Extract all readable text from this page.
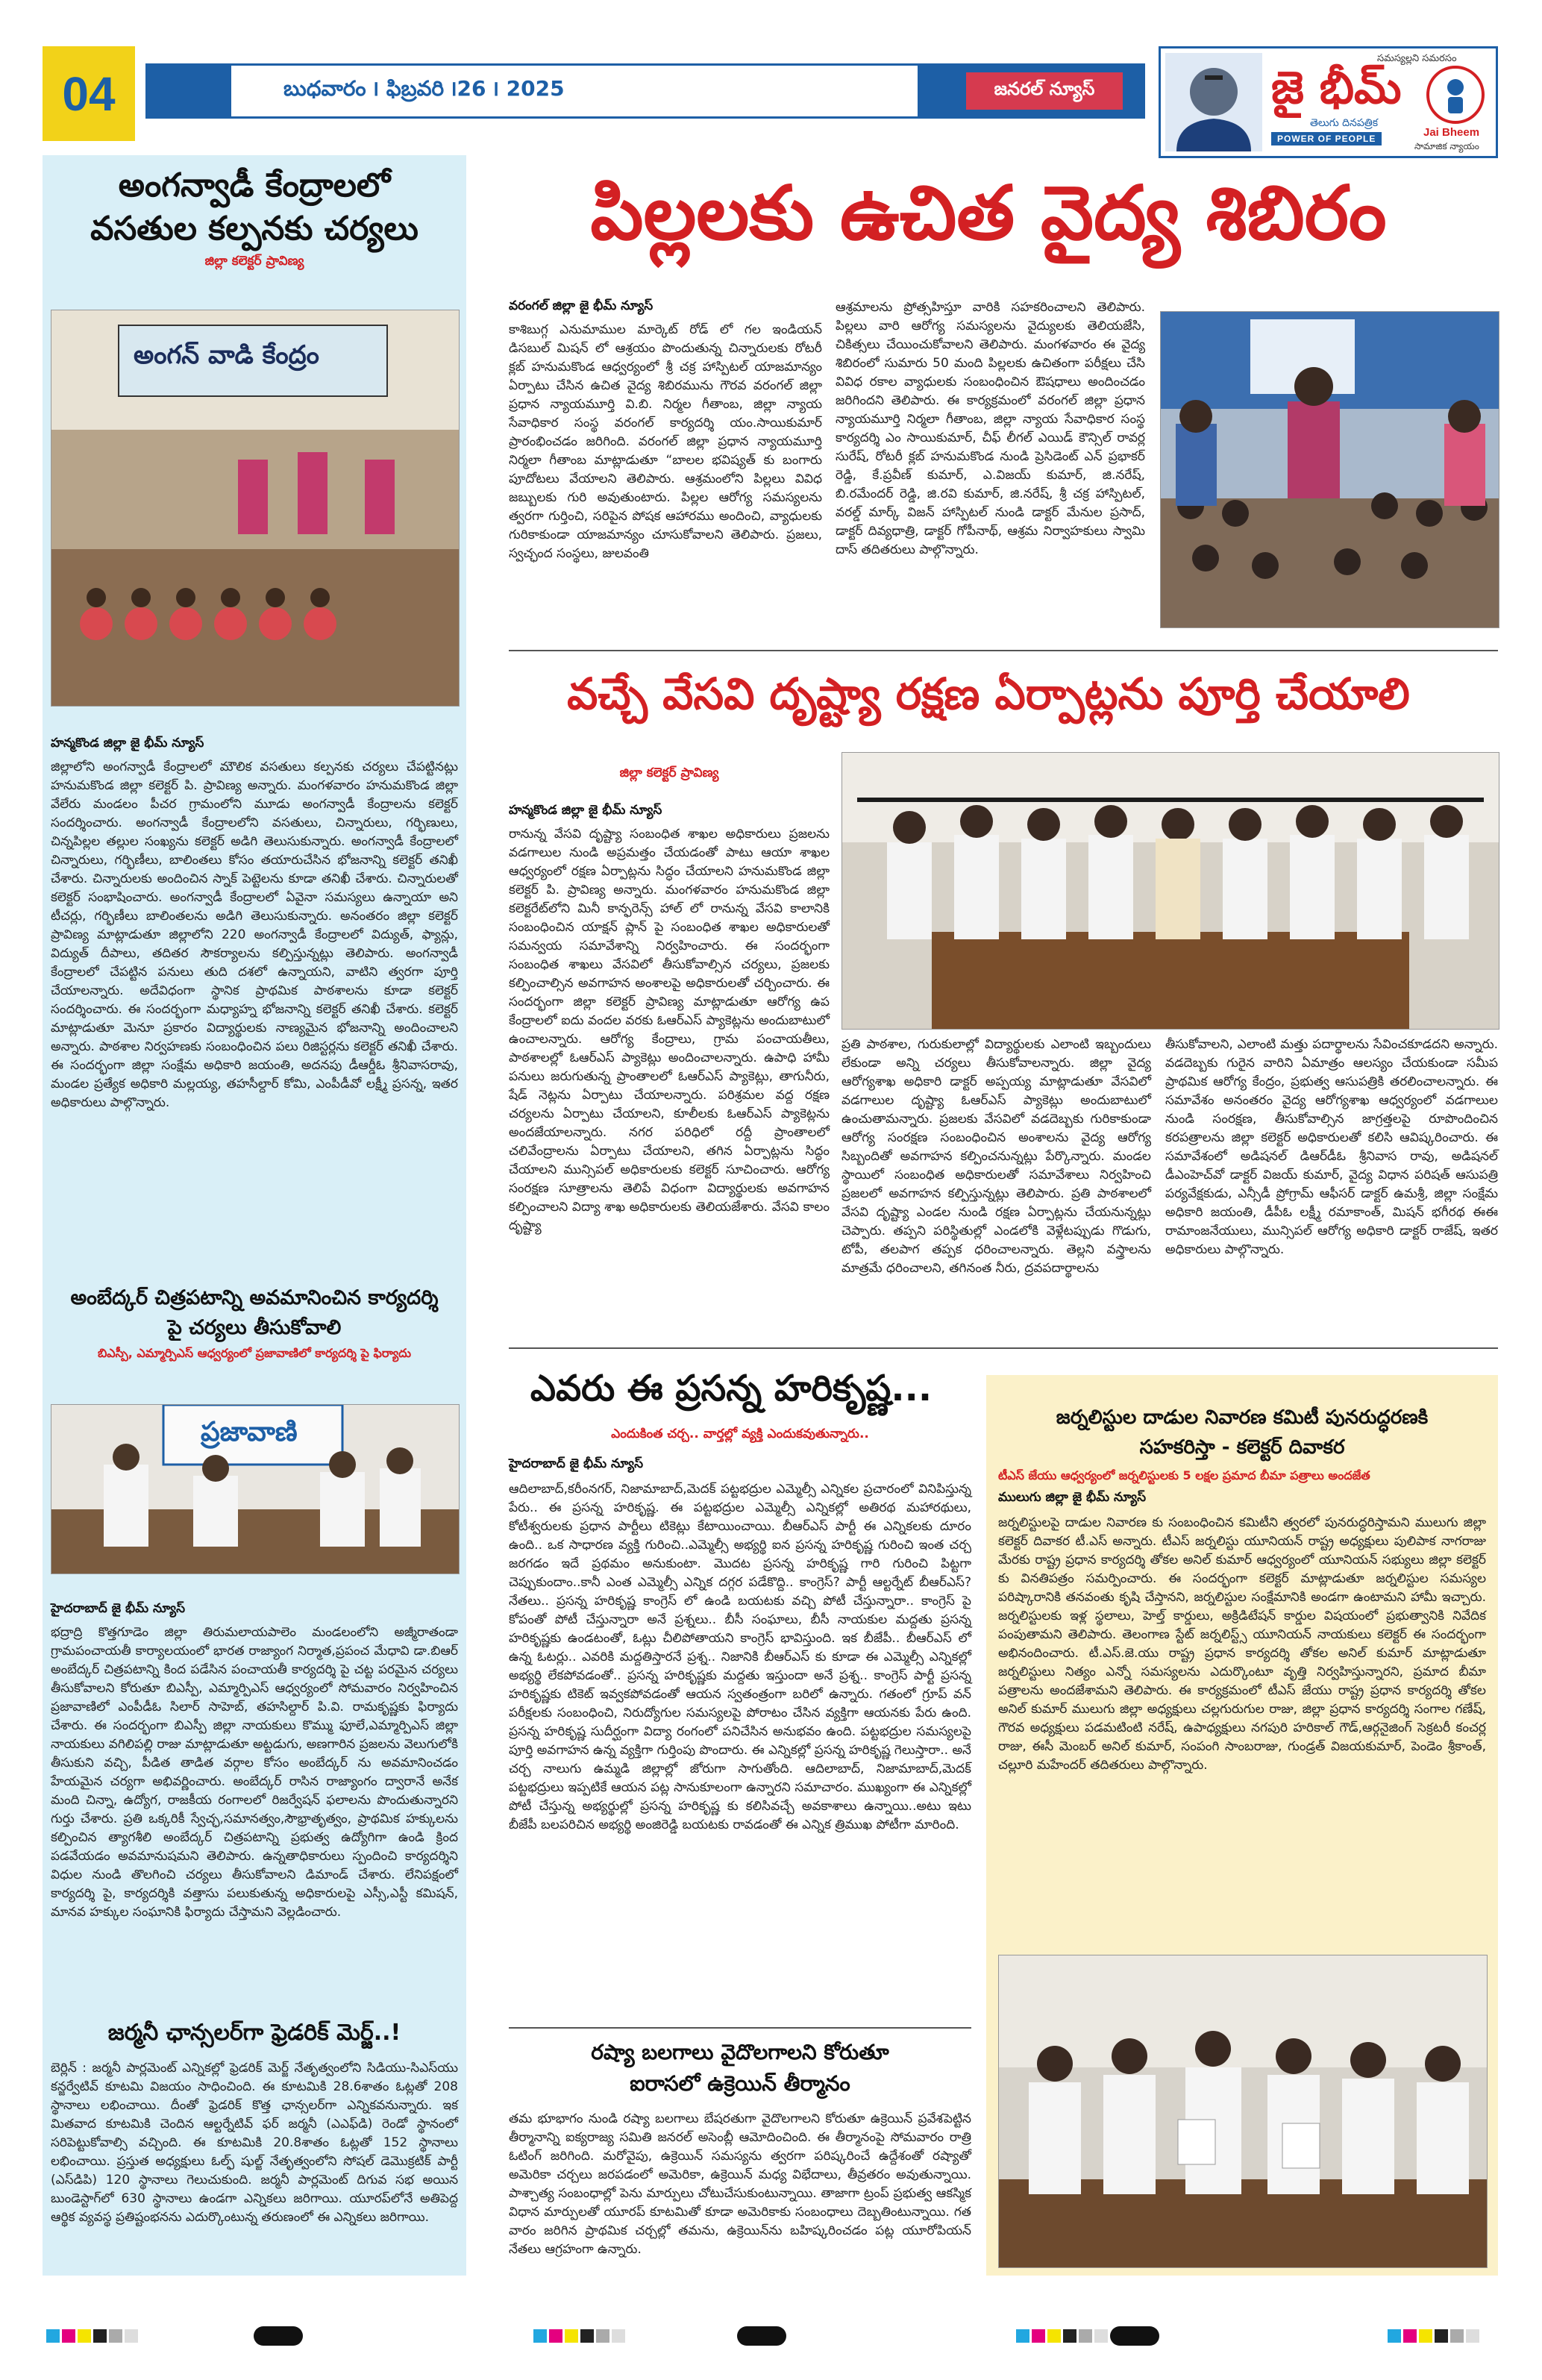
04	బుధవారం ౹ ఫిబ్రవరి ౹26 ౹ 2025	జనరల్ న్యూస్
సమస్యల్లని సమరసం
జై భీమ్
తెలుగు దినపత్రిక
POWER OF PEOPLE	Jai Bheem
సామాజిక న్యాయం

అంగన్వాడీ కేంద్రాలలో

వసతుల కల్పనకు చర్యలు

జిల్లా కలెక్టర్ ప్రావిణ్య

అంగన్ వాడి కేంద్రం

హన్మకొండ జిల్లా జై భీమ్ న్యూస్

జిల్లాలోని అంగన్వాడీ కేంద్రాలలో మౌలిక వసతులు కల్పనకు చర్యలు చేపట్టినట్లు హనుమకొండ జిల్లా కలెక్టర్ పి. ప్రావిణ్య అన్నారు. మంగళవారం హనుమకొండ జిల్లా వేలేరు మండలం పీచర గ్రామంలోని మూడు అంగన్వాడీ కేంద్రాలను కలెక్టర్ సందర్శించారు. అంగన్వాడీ కేంద్రాలలోని వసతులు, చిన్నారులు, గర్భిణులు, చిన్నపిల్లల తల్లుల సంఖ్యను కలెక్టర్ అడిగి తెలుసుకున్నారు. అంగన్వాడీ కేంద్రాలలో చిన్నారులు, గర్భిణీలు, బాలింతలు కోసం తయారుచేసిన భోజనాన్ని కలెక్టర్ తనిఖీ చేశారు. చిన్నారులకు అందించిన స్నాక్ పెట్టెలను కూడా తనిఖీ చేశారు. చిన్నారులతో కలెక్టర్ సంభాషించారు. అంగన్వాడీ కేంద్రాలలో ఏవైనా సమస్యలు ఉన్నాయా అని టీచర్లు, గర్భిణీలు బాలింతలను అడిగి తెలుసుకున్నారు. అనంతరం జిల్లా కలెక్టర్ ప్రావిణ్య మాట్లాడుతూ జిల్లాలోని 220 అంగన్వాడీ కేంద్రాలలో విద్యుత్, ఫ్యాన్లు, విద్యుత్ దీపాలు, తదితర సౌకర్యాలను కల్పిస్తున్నట్లు తెలిపారు. అంగన్వాడీ కేంద్రాలలో చేపట్టిన పనులు తుది దశలో ఉన్నాయని, వాటిని త్వరగా పూర్తి చేయాలన్నారు. అదేవిధంగా స్థానిక ప్రాథమిక పాఠశాలను కూడా కలెక్టర్ సందర్శించారు. ఈ సందర్భంగా మధ్యాహ్న భోజనాన్ని కలెక్టర్ తనిఖీ చేశారు. కలెక్టర్ మాట్లాడుతూ మెనూ ప్రకారం విద్యార్థులకు నాణ్యమైన భోజనాన్ని అందించాలని అన్నారు. పాఠశాల నిర్వహణకు సంబంధించిన పలు రిజిస్టర్లను కలెక్టర్ తనిఖీ చేశారు. ఈ సందర్భంగా జిల్లా సంక్షేమ అధికారి జయంతి, అదనపు డీఆర్డీఓ శ్రీనివాసరావు, మండల ప్రత్యేక అధికారి మల్లయ్య, తహసీల్దార్ కోమి, ఎంపీడీవో లక్ష్మీ ప్రసన్న, ఇతర అధికారులు పాల్గొన్నారు.

అంబేద్కర్ చిత్రపటాన్ని అవమానించిన కార్యదర్శి

పై చర్యలు తీసుకోవాలి

బిఎస్పీ, ఎమ్మార్పిఎస్ ఆధ్వర్యంలో ప్రజావాణిలో కార్యదర్శి పై ఫిర్యాదు

ప్రజావాణి

హైదరాబాద్ జై భీమ్ న్యూస్

భద్రాద్రి కొత్తగూడెం జిల్లా తిరుమలాయపాలెం మండలంలోని అజ్మీరాతండా గ్రామపంచాయతీ కార్యాలయంలో భారత రాజ్యాంగ నిర్మాత,ప్రపంచ మేధావి డా.బిఆర్ అంబేద్కర్ చిత్రపటాన్ని కింద పడేసిన పంచాయతీ కార్యదర్శి పై చట్ట పరమైన చర్యలు తీసుకోవాలని కోరుతూ బిఎస్పీ, ఎమ్మార్పిఎస్ ఆధ్వర్యంలో సోమవారం నిర్వహించిన ప్రజావాణిలో ఎంపీడీఓ సిలార్ సాహెబ్, తహసిల్దార్ పి.వి. రామకృష్ణకు ఫిర్యాదు చేశారు. ఈ సందర్భంగా బిఎస్పీ జిల్లా నాయకులు కొమ్ము ఫూలే,ఎమ్మార్పిఎస్ జిల్లా నాయకులు వగిలిపల్లి రాజు మాట్లాడుతూ అట్టడుగు, అణగారిన ప్రజలను వెలుగులోకి తీసుకుని వచ్చి, పీడిత తాడిత వర్గాల కోసం అంబేద్కర్ ను అవమానించడం హేయమైన చర్యగా అభివర్ణించారు. అంబేద్కర్ రాసిన రాజ్యాంగం ద్వారానే అనేక మంది చిన్నా, ఉద్యోగ, రాజకీయ రంగాలలో రిజర్వేషన్ ఫలాలను పొందుతున్నారని గుర్తు చేశారు. ప్రతి ఒక్కరికీ స్వేచ్ఛ,సమానత్వం,సౌభ్రాతృత్వం, ప్రాథమిక హక్కులను కల్పించిన త్యాగశీలి అంబేద్కర్ చిత్రపటాన్ని ప్రభుత్వ ఉద్యోగిగా ఉండి క్రింద పడవేయడం అవమానుషమని తెలిపారు. ఉన్నతాధికారులు స్పందించి కార్యదర్శిని విధుల నుండి తొలగించి చర్యలు తీసుకోవాలని డిమాండ్ చేశారు. లేనిపక్షంలో కార్యదర్శి పై, కార్యదర్శికి వత్తాసు పలుకుతున్న అధికారులపై ఎస్సీ,ఎస్టీ కమిషన్, మానవ హక్కుల సంఘానికి ఫిర్యాదు చేస్తామని వెల్లడించారు.

జర్మనీ ఛాన్సలర్‌గా ఫ్రెడరిక్ మెర్జ్..!

బెర్లిన్ : జర్మనీ పార్లమెంట్ ఎన్నికల్లో ఫ్రెడరిక్ మెర్జ్ నేతృత్వంలోని సిడియు-సిఎస్‌యు కన్జర్వేటివ్ కూటమి విజయం సాధించింది. ఈ కూటమికి 28.6శాతం ఓట్లతో 208 స్థానాలు లభించాయి. దీంతో ఫ్రెడరిక్ కొత్త ఛాన్సలర్‌గా ఎన్నికవనున్నారు. ఇక మితవాద కూటమికి చెందిన ఆల్టర్నేటివ్ ఫర్ జర్మనీ (ఎఎఫ్‌డి) రెండో స్థానంలో సరిపెట్టుకోవాల్సి వచ్చింది. ఈ కూటమికి 20.8శాతం ఓట్లతో 152 స్థానాలు లభించాయి. ప్రస్తుత అధ్యక్షులు ఓల్ఫ్ షుల్జ్ నేతృత్వంలోని సోషల్ డెమొక్రటిక్ పార్టీ (ఎస్‌డిపి) 120 స్థానాలు గెలుచుకుంది. జర్మనీ పార్లమెంట్ దిగువ సభ అయిన బుండెస్టాగ్‌లో 630 స్థానాలు ఉండగా ఎన్నికలు జరిగాయి. యూరప్‌లోనే అతిపెద్ద ఆర్థిక వ్యవస్థ ప్రతిష్టంభనను ఎదుర్కొంటున్న తరుణంలో ఈ ఎన్నికలు జరిగాయి.

పిల్లలకు ఉచిత వైద్య శిబిరం

వరంగల్ జిల్లా జై భీమ్ న్యూస్

కాశిబుగ్గ ఎనుమాముల మార్కెట్ రోడ్ లో గల ఇండియన్ డిసబుల్ మిషన్ లో ఆశ్రయం పొందుతున్న చిన్నారులకు రోటరీ క్లబ్ హనుమకొండ ఆధ్వర్యంలో శ్రీ చక్ర హాస్పిటల్ యాజమాన్యం ఏర్పాటు చేసిన ఉచిత వైద్య శిబిరమును గౌరవ వరంగల్ జిల్లా ప్రధాన న్యాయమూర్తి వి.బి. నిర్మల గీతాంబ, జిల్లా న్యాయ సేవాధికార సంస్థ వరంగల్ కార్యదర్శి యం.సాయికుమార్ ప్రారంభించడం జరిగింది. వరంగల్ జిల్లా ప్రధాన న్యాయమూర్తి నిర్మలా గీతాంబ మాట్లాడుతూ “బాలల భవిష్యత్ కు బంగారు పూదోటలు వేయాలని తెలిపారు. ఆశ్రమంలోని పిల్లలు వివిధ జబ్బులకు గురి అవుతుంటారు. పిల్లల ఆరోగ్య సమస్యలను త్వరగా గుర్తించి, సరిపైన పోషక ఆహారము అందించి, వ్యాధులకు గురికాకుండా యాజమాన్యం చూసుకోవాలని తెలిపారు. ప్రజలు, స్వచ్ఛంద సంస్థలు, జులవంతి

ఆశ్రమాలను ప్రోత్సహిస్తూ వారికి సహకరించాలని తెలిపారు. పిల్లలు వారి ఆరోగ్య సమస్యలను వైద్యులకు తెలియజేసి, చికిత్సలు చేయించుకోవాలని తెలిపారు. మంగళవారం ఈ వైద్య శిబిరంలో సుమారు 50 మంది పిల్లలకు ఉచితంగా పరీక్షలు చేసి వివిధ రకాల వ్యాధులకు సంబంధించిన ఔషధాలు అందించడం జరిగిందని తెలిపారు. ఈ కార్యక్రమంలో వరంగల్ జిల్లా ప్రధాన న్యాయమూర్తి నిర్మలా గీతాంబ, జిల్లా న్యాయ సేవాధికార సంస్థ కార్యదర్శి ఎం సాయికుమార్, చీఫ్ లీగల్ ఎయిడ్ కౌన్సిల్ రావర్ల సురేష్, రోటరీ క్లబ్ హనుమకొండ నుండి ప్రెసిడెంట్ ఎన్ ప్రభాకర్ రెడ్డి, కే.ప్రవీణ్ కుమార్, ఎ.విజయ్ కుమార్, జి.నరేష్, బి.రమేందర్ రెడ్డి, జి.రవి కుమార్, జి.నరేష్, శ్రీ చక్ర హాస్పిటల్, వరల్డ్ మార్క్ విజన్ హాస్పిటల్ నుండి డాక్టర్ మేనుల ప్రసాద్, డాక్టర్ దివ్యధాత్రి, డాక్టర్ గోపీనాథ్, ఆశ్రమ నిర్వాహకులు స్వామి దాస్ తదితరులు పాల్గొన్నారు.

వచ్చే వేసవి దృష్ట్యా రక్షణ ఏర్పాట్లను పూర్తి చేయాలి
జిల్లా కలెక్టర్ ప్రావిణ్య

హన్మకొండ జిల్లా జై భీమ్ న్యూస్

రానున్న వేసవి దృష్ట్యా సంబంధిత శాఖల అధికారులు ప్రజలను వడగాలుల నుండి అప్రమత్తం చేయడంతో పాటు ఆయా శాఖల ఆధ్వర్యంలో రక్షణ ఏర్పాట్లను సిద్ధం చేయాలని హనుమకొండ జిల్లా కలెక్టర్ పి. ప్రావిణ్య అన్నారు. మంగళవారం హనుమకొండ జిల్లా కలెక్టరేట్‌లోని మినీ కాన్ఫరెన్స్ హాల్ లో రానున్న వేసవి కాలానికి సంబంధించిన యాక్షన్ ప్లాన్ పై సంబంధిత శాఖల అధికారులతో సమన్వయ సమావేశాన్ని నిర్వహించారు. ఈ సందర్భంగా సంబంధిత శాఖలు వేసవిలో తీసుకోవాల్సిన చర్యలు, ప్రజలకు కల్పించాల్సిన అవగాహన అంశాలపై అధికారులతో చర్చించారు. ఈ సందర్భంగా జిల్లా కలెక్టర్ ప్రావిణ్య మాట్లాడుతూ ఆరోగ్య ఉప కేంద్రాలలో ఐదు వందల వరకు ఓఆర్ఎస్ ప్యాకెట్లను అందుబాటులో ఉంచాలన్నారు. ఆరోగ్య కేంద్రాలు, గ్రామ పంచాయతీలు, పాఠశాలల్లో ఓఆర్ఎస్ ప్యాకెట్లు అందించాలన్నారు. ఉపాధి హామీ పనులు జరుగుతున్న ప్రాంతాలలో ఓఆర్ఎస్ ప్యాకెట్లు, తాగునీరు, షేడ్ నెట్లను ఏర్పాటు చేయాలన్నారు. పరిశ్రమల వద్ద రక్షణ చర్యలను ఏర్పాటు చేయాలని, కూలీలకు ఓఆర్ఎస్ ప్యాకెట్లను అందజేయాలన్నారు. నగర పరిధిలో రద్దీ ప్రాంతాలలో చలివేంద్రాలను ఏర్పాటు చేయాలని, తగిన ఏర్పాట్లను సిద్ధం చేయాలని మున్సిపల్ అధికారులకు కలెక్టర్ సూచించారు. ఆరోగ్య సంరక్షణ సూత్రాలను తెలిపే విధంగా విద్యార్థులకు అవగాహన కల్పించాలని విద్యా శాఖ అధికారులకు తెలియజేశారు. వేసవి కాలం దృష్ట్యా

ప్రతి పాఠశాల, గురుకులాల్లో విద్యార్థులకు ఎలాంటి ఇబ్బందులు లేకుండా అన్ని చర్యలు తీసుకోవాలన్నారు. జిల్లా వైద్య ఆరోగ్యశాఖ అధికారి డాక్టర్ అప్పయ్య మాట్లాడుతూ వేసవిలో వడగాలుల దృష్ట్యా ఓఆర్ఎస్ ప్యాకెట్లు అందుబాటులో ఉంచుతామన్నారు. ప్రజలకు వేసవిలో వడదెబ్బకు గురికాకుండా ఆరోగ్య సంరక్షణ సంబంధించిన అంశాలను వైద్య ఆరోగ్య సిబ్బందితో అవగాహన కల్పించనున్నట్లు పేర్కొన్నారు. మండల స్థాయిలో సంబంధిత అధికారులతో సమావేశాలు నిర్వహించి ప్రజలలో అవగాహన కల్పిస్తున్నట్లు తెలిపారు. ప్రతి పాఠశాలలో వేసవి దృష్ట్యా ఎండల నుండి రక్షణ ఏర్పాట్లను చేయనున్నట్లు చెప్పారు. తప్పని పరిస్థితుల్లో ఎండలోకి వెళ్లేటప్పుడు గొడుగు, టోపీ, తలపాగ తప్పక ధరించాలన్నారు. తెల్లని వస్త్రాలను మాత్రమే ధరించాలని, తగినంత నీరు, ద్రవపదార్థాలను

తీసుకోవాలని, ఎలాంటి మత్తు పదార్థాలను సేవించకూడదని అన్నారు. వడదెబ్బకు గురైన వారిని ఏమాత్రం ఆలస్యం చేయకుండా సమీప ప్రాథమిక ఆరోగ్య కేంద్రం, ప్రభుత్వ ఆసుపత్రికి తరలించాలన్నారు. ఈ సమావేశం అనంతరం వైద్య ఆరోగ్యశాఖ ఆధ్వర్యంలో వడగాలుల నుండి సంరక్షణ, తీసుకోవాల్సిన జాగ్రత్తలపై రూపొందించిన కరపత్రాలను జిల్లా కలెక్టర్ అధికారులతో కలిసి ఆవిష్కరించారు. ఈ సమావేశంలో అడిషనల్ డిఆర్‌డీఓ శ్రీనివాస రావు, అడిషనల్ డీఎంహెచ్‌వో డాక్టర్ విజయ్ కుమార్, వైద్య విధాన పరిషత్ ఆసుపత్రి పర్యవేక్షకుడు, ఎన్సీడీ ప్రోగ్రామ్ ఆఫీసర్ డాక్టర్ ఉమశ్రీ, జిల్లా సంక్షేమ అధికారి జయంతి, డీపీఓ లక్ష్మీ రమాకాంత్, మిషన్ భగీరథ ఈఈ రామాంజనేయులు, మున్సిపల్ ఆరోగ్య అధికారి డాక్టర్ రాజేష్, ఇతర అధికారులు పాల్గొన్నారు.

ఎవరు ఈ ప్రసన్న హరికృష్ణ...
ఎందుకింత చర్చ.. వార్తల్లో వ్యక్తి ఎందుకవుతున్నారు..

హైదరాబాద్ జై భీమ్ న్యూస్

ఆదిలాబాద్,కరీంనగర్, నిజామాబాద్,మెదక్ పట్టభద్రుల ఎమ్మెల్సీ ఎన్నికల ప్రచారంలో వినిపిస్తున్న పేరు.. ఈ ప్రసన్న హరికృష్ణ. ఈ పట్టభద్రుల ఎమ్మెల్సీ ఎన్నికల్లో అతిరథ మహారథులు, కోటీశ్వరులకు ప్రధాన పార్టీలు టికెట్లు కేటాయించాయి. బీఆర్ఎస్ పార్టీ ఈ ఎన్నికలకు దూరం ఉంది.. ఒక సాధారణ వ్యక్తి గురించి..ఎమ్మెల్సీ అభ్యర్థి ఐన ప్రసన్న హరికృష్ణ గురించి ఇంత చర్చ జరగడం ఇదే ప్రథమం అనుకుంటా. మొదట ప్రసన్న హరికృష్ణ గారి గురించి పిట్టగా చెప్పుకుందాం..కానీ ఎంత ఎమ్మెల్సీ ఎన్నిక దగ్గర పడేకొద్ది.. కాంగ్రెస్? పార్టీ ఆల్టర్నేట్ బీఆర్ఎస్? నేతలు.. ప్రసన్న హరికృష్ణ కాంగ్రెస్ లో ఉండి బయటకు వచ్చి పోటీ చేస్తున్నారా.. కాంగ్రెస్ పై కోపంతో పోటీ చేస్తున్నారా అనే ప్రశ్నలు.. బీసీ సంఘాలు, బీసీ నాయకుల మద్దతు ప్రసన్న హరికృష్ణకు ఉండటంతో, ఓట్లు చీలిపోతాయని కాంగ్రెస్ భావిస్తుంది. ఇక బీజేపీ.. బీఆర్ఎస్ లో ఉన్న ఓటర్లు.. ఎవరికి మద్దతిస్తారనే ప్రశ్న.. నిజానికి బీఆర్ఎస్ కు కూడా ఈ ఎమ్మెల్సీ ఎన్నికల్లో అభ్యర్థి లేకపోవడంతో.. ప్రసన్న హరికృష్ణకు మద్దతు ఇస్తుందా అనే ప్రశ్న.. కాంగ్రెస్ పార్టీ ప్రసన్న హరికృష్ణకు టికెట్ ఇవ్వకపోవడంతో ఆయన స్వతంత్రంగా బరిలో ఉన్నారు. గతంలో గ్రూప్ వన్ పరీక్షలకు సంబంధించి, నిరుద్యోగుల సమస్యలపై పోరాటం చేసిన వ్యక్తిగా ఆయనకు పేరు ఉంది. ప్రసన్న హరికృష్ణ సుదీర్ఘంగా విద్యా రంగంలో పనిచేసిన అనుభవం ఉంది. పట్టభద్రుల సమస్యలపై పూర్తి అవగాహన ఉన్న వ్యక్తిగా గుర్తింపు పొందారు. ఈ ఎన్నికల్లో ప్రసన్న హరికృష్ణ గెలుస్తారా.. అనే చర్చ నాలుగు ఉమ్మడి జిల్లాల్లో జోరుగా సాగుతోంది. ఆదిలాబాద్, నిజామాబాద్,మెదక్ పట్టభద్రులు ఇప్పటికే ఆయన పట్ల సానుకూలంగా ఉన్నారని సమాచారం. ముఖ్యంగా ఈ ఎన్నికల్లో పోటీ చేస్తున్న అభ్యర్థుల్లో ప్రసన్న హరికృష్ణ కు కలిసివచ్చే అవకాశాలు ఉన్నాయి..అటు ఇటు బీజేపీ బలపరిచిన అభ్యర్థి అంజిరెడ్డి బయటకు రావడంతో ఈ ఎన్నిక త్రిముఖ పోటీగా మారింది.

రష్యా బలగాలు వైదొలగాలని కోరుతూ

ఐరాసలో ఉక్రెయిన్ తీర్మానం

తమ భూభాగం నుండి రష్యా బలగాలు బేషరతుగా వైదొలగాలని కోరుతూ ఉక్రెయిన్ ప్రవేశపెట్టిన తీర్మానాన్ని ఐక్యరాజ్య సమితి జనరల్ అసెంబ్లీ ఆమోదించింది. ఈ తీర్మానంపై సోమవారం రాత్రి ఓటింగ్ జరిగింది. మరోవైపు, ఉక్రెయిన్ సమస్యను త్వరగా పరిష్కరించే ఉద్దేశంతో రష్యాతో అమెరికా చర్చలు జరపడంలో అమెరికా, ఉక్రెయిన్ మధ్య విభేదాలు, తీవ్రతరం అవుతున్నాయి. పాశ్చాత్య సంబంధాల్లో పెను మార్పులు చోటుచేసుకుంటున్నాయి. తాజాగా ట్రంప్ ప్రభుత్వ ఆకస్మిక విధాన మార్పులతో యూరప్ కూటమితో కూడా అమెరికాకు సంబంధాలు దెబ్బతింటున్నాయి. గత వారం జరిగిన ప్రాథమిక చర్చల్లో తమను, ఉక్రెయిన్‌ను బహిష్కరించడం పట్ల యూరోపియన్ నేతలు ఆగ్రహంగా ఉన్నారు.

జర్నలిస్టుల దాడుల నివారణ కమిటీ పునరుద్ధరణకి

సహకరిస్తా - కలెక్టర్ దివాకర

టీఎస్ జేయు ఆధ్వర్యంలో జర్నలిస్టులకు 5 లక్షల ప్రమాద బీమా పత్రాలు అందజేత

ములుగు జిల్లా జై భీమ్ న్యూస్

జర్నలిస్టులపై దాడుల నివారణ కు సంబంధించిన కమిటీని త్వరలో పునరుద్ధరిస్తామని ములుగు జిల్లా కలెక్టర్ దివాకర టీ.ఎస్ అన్నారు. టీఎస్ జర్నలిస్టు యూనియన్ రాష్ట్ర అధ్యక్షులు పులిపాక నాగరాజు మేరకు రాష్ట్ర ప్రధాన కార్యదర్శి తోకల అనిల్ కుమార్ ఆధ్వర్యంలో యూనియన్ సభ్యులు జిల్లా కలెక్టర్ కు వినతిపత్రం సమర్పించారు. ఈ సందర్భంగా కలెక్టర్ మాట్లాడుతూ జర్నలిస్టుల సమస్యల పరిష్కారానికి తనవంతు కృషి చేస్తానని, జర్నలిస్టుల సంక్షేమానికి అండగా ఉంటామని హామీ ఇచ్చారు. జర్నలిస్టులకు ఇళ్ల స్థలాలు, హెల్త్ కార్డులు, అక్రిడిటేషన్ కార్డుల విషయంలో ప్రభుత్వానికి నివేదిక పంపుతామని తెలిపారు. తెలంగాణ స్టేట్ జర్నలిస్ట్స్ యూనియన్ నాయకులు కలెక్టర్ ఈ సందర్భంగా అభినందించారు. టీ.ఎస్.జె.యు రాష్ట్ర ప్రధాన కార్యదర్శి తోకల అనిల్ కుమార్ మాట్లాడుతూ జర్నలిస్టులు నిత్యం ఎన్నో సమస్యలను ఎదుర్కొంటూ వృత్తి నిర్వహిస్తున్నారని, ప్రమాద బీమా పత్రాలను అందజేశామని తెలిపారు. ఈ కార్యక్రమంలో టీఎస్ జేయు రాష్ట్ర ప్రధాన కార్యదర్శి తోకల అనిల్ కుమార్ ములుగు జిల్లా అధ్యక్షులు చల్లగురుగుల రాజు, జిల్లా ప్రధాన కార్యదర్శి సంగాల గణేష్, గౌరవ అధ్యక్షులు పడమటింటి నరేష్, ఉపాధ్యక్షులు నగపురి హరికాల్ గౌడ్,ఆర్గనైజింగ్ సెక్రటరీ కంచర్ల రాజు, ఈసీ మెంబర్ అనిల్ కుమార్, సంపంగి సాంబరాజు, గుండ్రత్ విజయకుమార్, పెండెం శ్రీకాంత్, చల్లూరి మహేందర్ తదితరులు పాల్గొన్నారు.
